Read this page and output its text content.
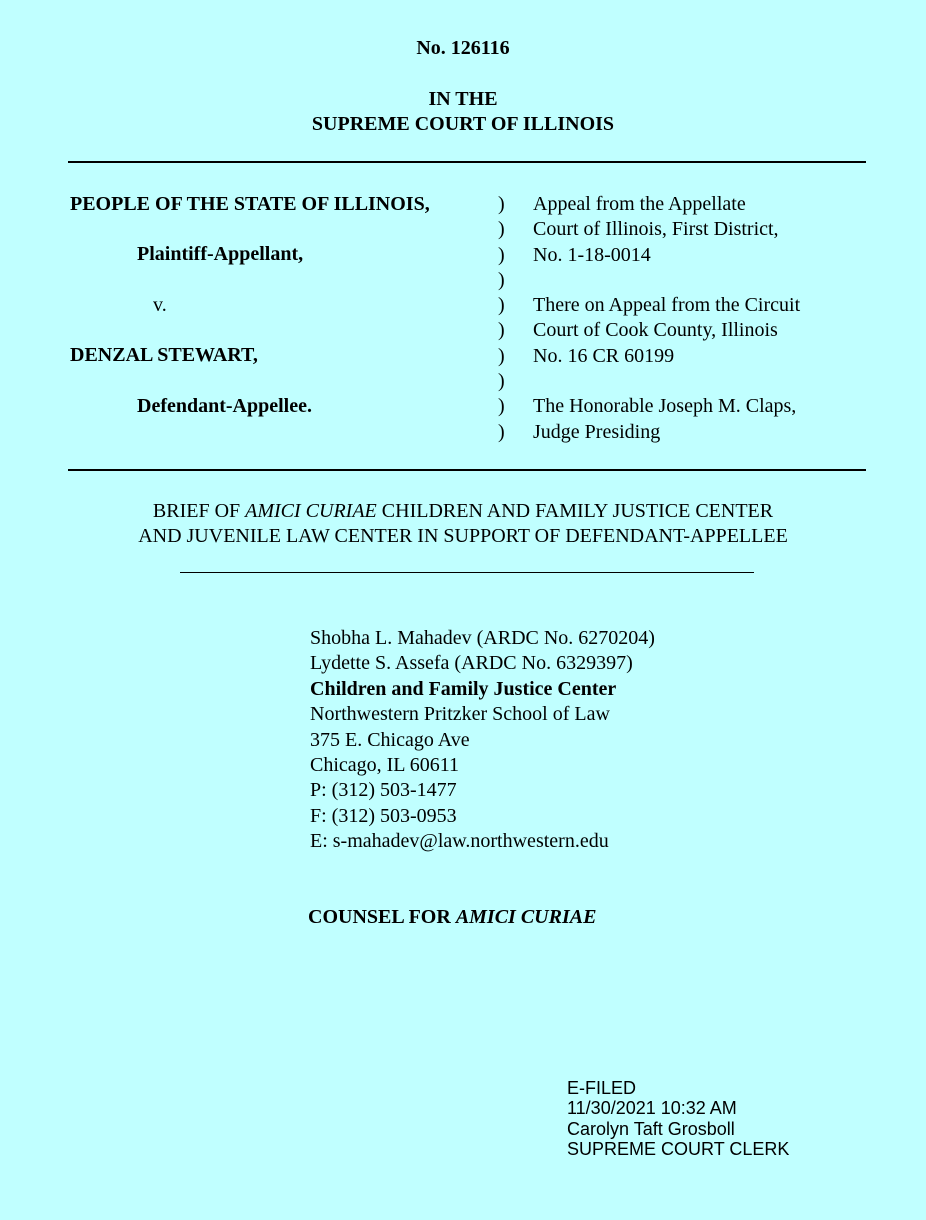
No. 126116
IN THE
SUPREME COURT OF ILLINOIS
PEOPLE OF THE STATE OF ILLINOIS,
Plaintiff-Appellant,
v.
DENZAL STEWART,
Defendant-Appellee.
)
)
)
)
)
)
)
)
)
)
Appeal from the Appellate
Court of Illinois, First District,
No. 1-18-0014
There on Appeal from the Circuit
Court of Cook County, Illinois
No. 16 CR 60199
The Honorable Joseph M. Claps,
Judge Presiding
BRIEF OF AMICI CURIAE CHILDREN AND FAMILY JUSTICE CENTER
AND JUVENILE LAW CENTER IN SUPPORT OF DEFENDANT-APPELLEE
Shobha L. Mahadev (ARDC No. 6270204)
Lydette S. Assefa (ARDC No. 6329397)
Children and Family Justice Center
Northwestern Pritzker School of Law
375 E. Chicago Ave
Chicago, IL 60611
P: (312) 503-1477
F: (312) 503-0953
E: s-mahadev@law.northwestern.edu
COUNSEL FOR AMICI CURIAE
E-FILED
11/30/2021 10:32 AM
Carolyn Taft Grosboll
SUPREME COURT CLERK
